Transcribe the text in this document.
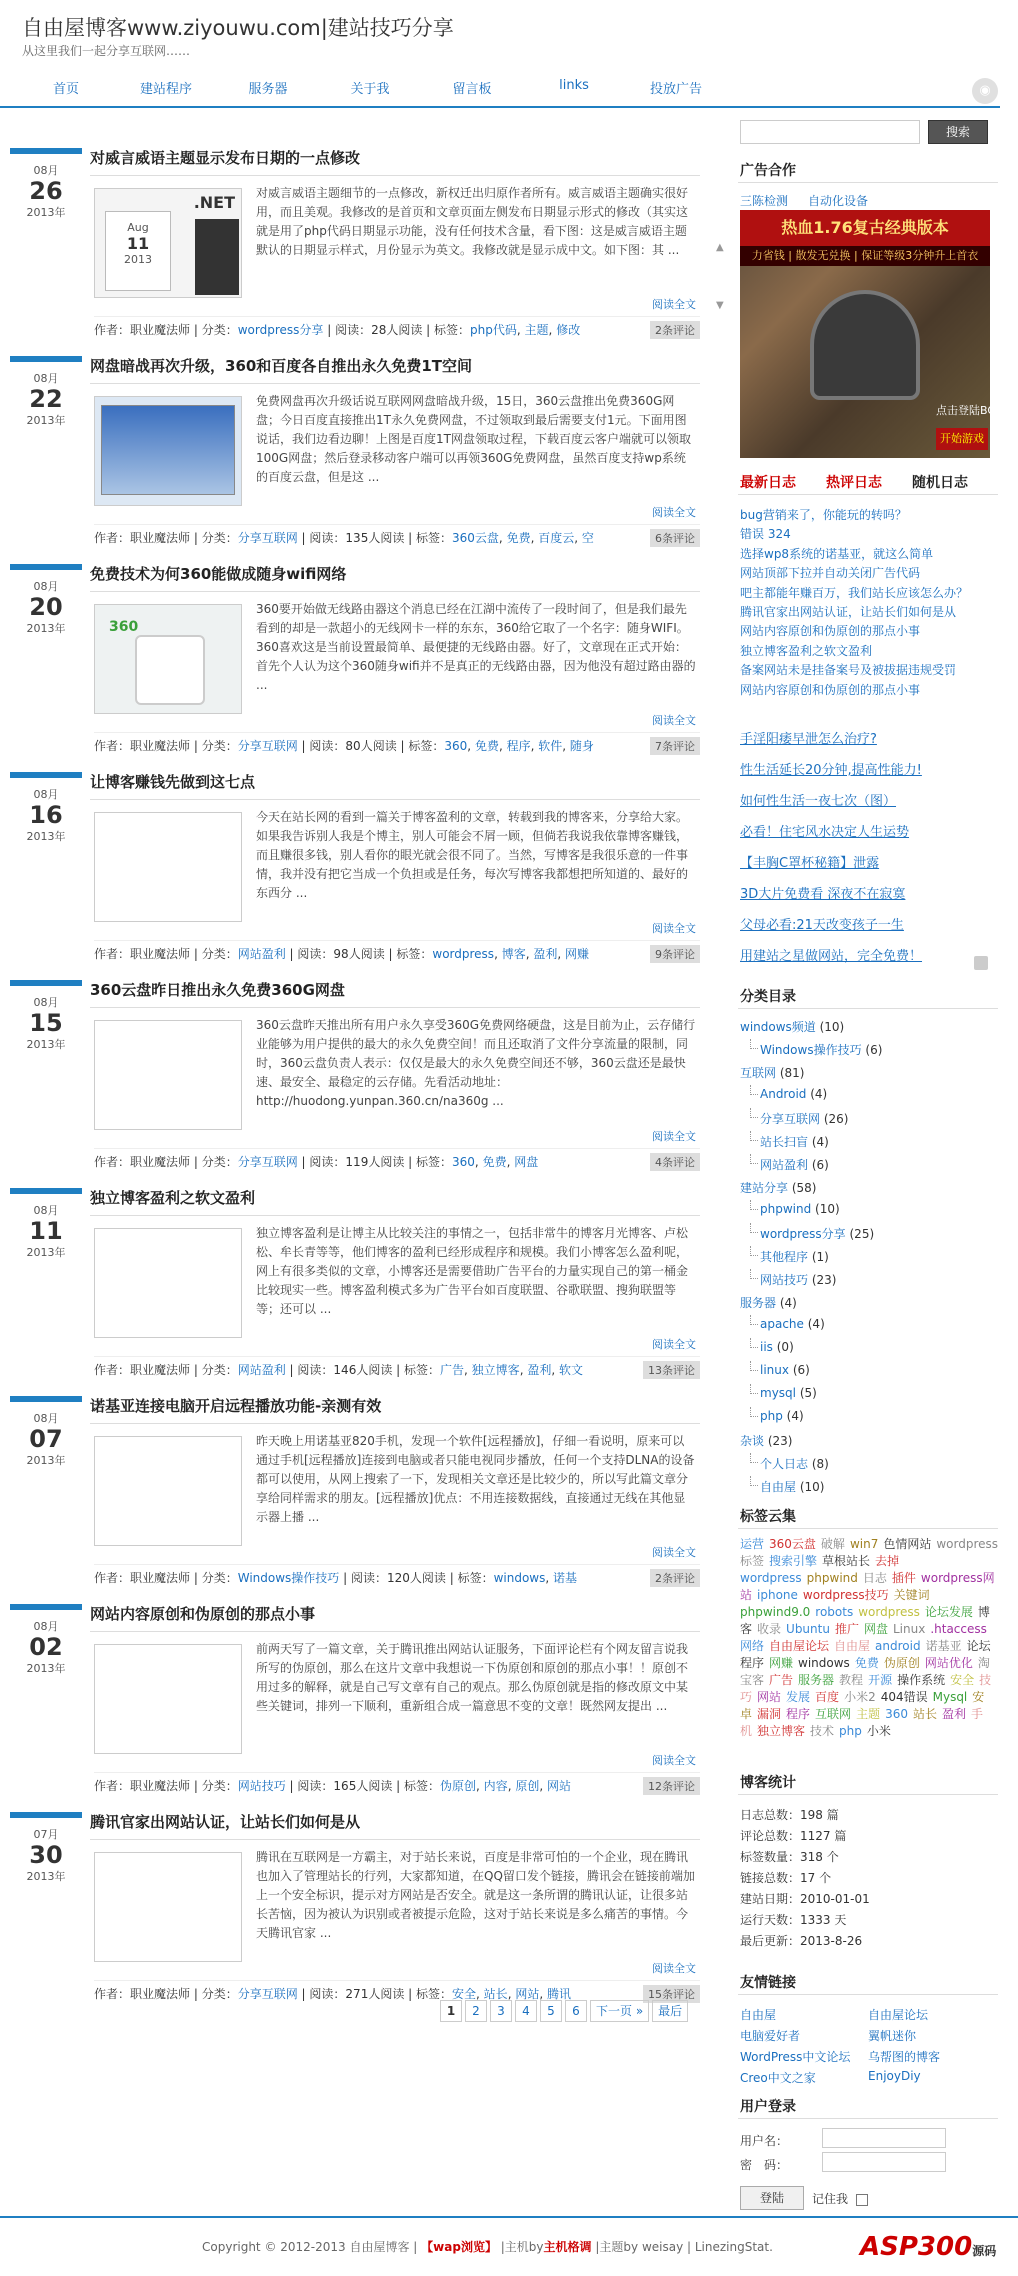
自由屋博客www.ziyouwu.com|建站技巧分享
从这里我们一起分享互联网……
首页	建站程序	服务器	关于我	留言板	links	投放广告	◉
08月
26
2013年
对威言威语主题显示发布日期的一点修改
.NET
Aug
11
2013
对威言威语主题细节的一点修改，新权迁出归原作者所有。威言威语主题确实很好用，而且美观。我修改的是首页和文章页面左侧发布日期显示形式的修改（其实这就是用了php代码日期显示功能，没有任何技术含量，看下图：这是威言威语主题默认的日期显示样式，月份显示为英文。我修改就是显示成中文。如下图：其 ...
阅读全文
作者：职业魔法师 | 分类：wordpress分享 | 阅读：28人阅读 | 标签：php代码, 主题, 修改	2条评论
08月
22
2013年
网盘暗战再次升级，360和百度各自推出永久免费1T空间
免费网盘再次升级话说互联网网盘暗战升级，15日，360云盘推出免费360G网盘；今日百度直接推出1T永久免费网盘，不过领取到最后需要支付1元。下面用图说话，我们边看边聊！上图是百度1T网盘领取过程，下载百度云客户端就可以领取100G网盘；然后登录移动客户端可以再领360G免费网盘，虽然百度支持wp系统的百度云盘，但是这 ...
阅读全文
作者：职业魔法师 | 分类：分享互联网 | 阅读：135人阅读 | 标签：360云盘, 免费, 百度云, 空	6条评论
08月
20
2013年
免费技术为何360能做成随身wifi网络
360
360要开始做无线路由器这个消息已经在江湖中流传了一段时间了，但是我们最先看到的却是一款超小的无线网卡一样的东东，360给它取了一个名字：随身WIFI。360喜欢这是当前设置最简单、最便捷的无线路由器。好了，文章现在正式开始：首先个人认为这个360随身wifi并不是真正的无线路由器，因为他没有超过路由器的 ...
阅读全文
作者：职业魔法师 | 分类：分享互联网 | 阅读：80人阅读 | 标签：360, 免费, 程序, 软件, 随身	7条评论
08月
16
2013年
让博客赚钱先做到这七点
今天在站长网的看到一篇关于博客盈利的文章，转载到我的博客来，分享给大家。如果我告诉别人我是个博主，别人可能会不屑一顾，但倘若我说我依靠博客赚钱，而且赚很多钱，别人看你的眼光就会很不同了。当然，写博客是我很乐意的一件事情，我并没有把它当成一个负担或是任务，每次写博客我都想把所知道的、最好的东西分 ...
阅读全文
作者：职业魔法师 | 分类：网站盈利 | 阅读：98人阅读 | 标签：wordpress, 博客, 盈利, 网赚	9条评论
08月
15
2013年
360云盘昨日推出永久免费360G网盘
360云盘昨天推出所有用户永久享受360G免费网络硬盘，这是目前为止，云存储行业能够为用户提供的最大的永久免费空间！而且还取消了文件分享流量的限制，同时，360云盘负责人表示：仅仅是最大的永久免费空间还不够，360云盘还是最快速、最安全、最稳定的云存储。先看活动地址：http://huodong.yunpan.360.cn/na360g ...
阅读全文
作者：职业魔法师 | 分类：分享互联网 | 阅读：119人阅读 | 标签：360, 免费, 网盘	4条评论
08月
11
2013年
独立博客盈利之软文盈利
独立博客盈利是让博主从比较关注的事情之一，包括非常牛的博客月光博客、卢松松、牟长青等等，他们博客的盈利已经形成程序和规模。我们小博客怎么盈利呢，网上有很多类似的文章，小博客还是需要借助广告平台的力量实现自己的第一桶金比较现实一些。博客盈利模式多为广告平台如百度联盟、谷歌联盟、搜狗联盟等等；还可以 ...
阅读全文
作者：职业魔法师 | 分类：网站盈利 | 阅读：146人阅读 | 标签：广告, 独立博客, 盈利, 软文	13条评论
08月
07
2013年
诺基亚连接电脑开启远程播放功能-亲测有效
昨天晚上用诺基亚820手机，发现一个软件[远程播放]，仔细一看说明，原来可以通过手机[远程播放]连接到电脑或者只能电视同步播放，任何一个支持DLNA的设备都可以使用，从网上搜索了一下，发现相关文章还是比较少的，所以写此篇文章分享给同样需求的朋友。[远程播放]优点：不用连接数据线，直接通过无线在其他显示器上播 ...
阅读全文
作者：职业魔法师 | 分类：Windows操作技巧 | 阅读：120人阅读 | 标签：windows, 诺基	2条评论
08月
02
2013年
网站内容原创和伪原创的那点小事
前两天写了一篇文章，关于腾讯推出网站认证服务，下面评论栏有个网友留言说我所写的伪原创，那么在这片文章中我想说一下伪原创和原创的那点小事！！原创不用过多的解释，就是自己写文章有自己的观点。那么伪原创就是指的修改原文中某些关键词，排列一下顺利，重新组合成一篇意思不变的文章！既然网友提出 ...
阅读全文
作者：职业魔法师 | 分类：网站技巧 | 阅读：165人阅读 | 标签：伪原创, 内容, 原创, 网站	12条评论
07月
30
2013年
腾讯官家出网站认证，让站长们如何是从
腾讯在互联网是一方霸主，对于站长来说，百度是非常可怕的一个企业，现在腾讯也加入了管理站长的行列，大家都知道，在QQ留口发个链接，腾讯会在链接前端加上一个安全标识，提示对方网站是否安全。就是这一条所谓的腾讯认证，让很多站长苦恼，因为被认为识别或者被提示危险，这对于站长来说是多么痛苦的事情。今天腾讯官家 ...
阅读全文
作者：职业魔法师 | 分类：分享互联网 | 阅读：271人阅读 | 标签：安全, 站长, 网站, 腾讯	15条评论
▲
▼
1 2 3 4 5 6 下一页 » 最后
搜索
广告合作
三陈检测 自动化设备
热血1.76复古经典版本
力省钱 | 散发无兑换 | 保证等级3分钟升上首衣
点击登陆BOSS
开始游戏
最新日志 热评日志 随机日志
bug营销来了，你能玩的转吗？
错误 324
选择wp8系统的诺基亚，就这么简单
网站顶部下拉并自动关闭广告代码
吧主都能年赚百万，我们站长应该怎么办？
腾讯官家出网站认证，让站长们如何是从
网站内容原创和伪原创的那点小事
独立博客盈利之软文盈利
备案网站未是挂备案号及被拔据违规受罚
网站内容原创和伪原创的那点小事
手淫阳痿早泄怎么治疗?
性生活延长20分钟,提高性能力!
如何性生活一夜七次（图）
必看！住宅风水决定人生运势
【丰胸C罩杯秘籍】泄露
3D大片免费看 深夜不在寂寞
父母必看:21天改变孩子一生
用建站之星做网站，完全免费！
分类目录
windows频道 (10)
Windows操作技巧 (6)
互联网 (81)
Android (4)
分享互联网 (26)
站长扫盲 (4)
网站盈利 (6)
建站分享 (58)
phpwind (10)
wordpress分享 (25)
其他程序 (1)
网站技巧 (23)
服务器 (4)
apache (4)
iis (0)
linux (6)
mysql (5)
php (4)
杂谈 (23)
个人日志 (8)
自由屋 (10)
标签云集
运营 360云盘 破解 win7 色情网站 wordpress标签 搜索引擎 草根站长 去掉wordpress phpwind 日志 插件 wordpress网站 iphone wordpress技巧 关键词phpwind9.0 robots wordpress 论坛发展 博客 收录 Ubuntu 推广 网盘 Linux .htaccess网络 自由屋论坛 自由屋 android 诺基亚 论坛程序 网赚 windows 免费 伪原创 网站优化 淘宝客 广告 服务器 教程 开源 操作系统 安全 技巧 网站 发展 百度 小米2 404错误 Mysql 安卓 漏洞 程序 互联网 主题 360 站长 盈利 手机 独立博客 技术 php 小米
博客统计
日志总数：198 篇
评论总数：1127 篇
标签数量：318 个
链接总数：17 个
建站日期：2010-01-01
运行天数：1333 天
最后更新：2013-8-26
友情链接
自由屋	自由屋论坛
电脑爱好者	翼帆迷你
WordPress中文论坛 乌帮图的博客
Creo中文之家	EnjoyDiy
用户登录
用户名：
密　码：
登陆	记住我
Copyright © 2012-2013 自由屋博客 | 【wap浏览】 |主机by主机格调 |主题by weisay | LinezingStat.	ASP300源码
